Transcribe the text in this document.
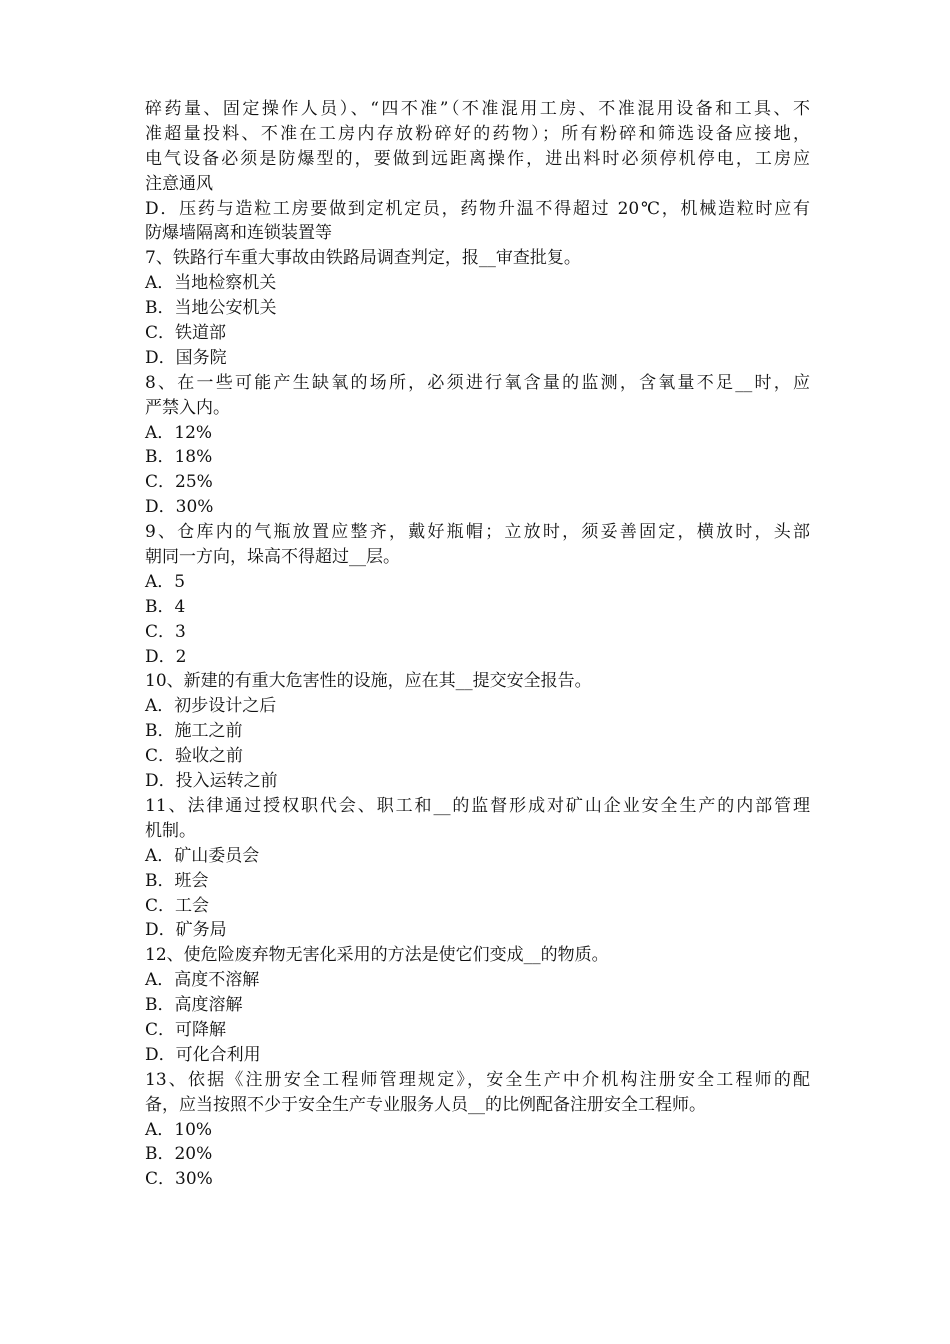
碎药量、固定操作人员）、“四不准”（不准混用工房、不准混用设备和工具、不
准超量投料、不准在工房内存放粉碎好的药物）；所有粉碎和筛选设备应接地，
电气设备必须是防爆型的，要做到远距离操作，进出料时必须停机停电，工房应
注意通风
D．压药与造粒工房要做到定机定员，药物升温不得超过 20℃，机械造粒时应有
防爆墙隔离和连锁装置等
7、铁路行车重大事故由铁路局调查判定，报__审查批复。
A．当地检察机关
B．当地公安机关
C．铁道部
D．国务院
8、在一些可能产生缺氧的场所，必须进行氧含量的监测，含氧量不足__时，应
严禁入内。
A．12%
B．18%
C．25%
D．30%
9、仓库内的气瓶放置应整齐，戴好瓶帽；立放时，须妥善固定，横放时，头部
朝同一方向，垛高不得超过__层。
A．5
B．4
C．3
D．2
10、新建的有重大危害性的设施，应在其__提交安全报告。
A．初步设计之后
B．施工之前
C．验收之前
D．投入运转之前
11、法律通过授权职代会、职工和__的监督形成对矿山企业安全生产的内部管理
机制。
A．矿山委员会
B．班会
C．工会
D．矿务局
12、使危险废弃物无害化采用的方法是使它们变成__的物质。
A．高度不溶解
B．高度溶解
C．可降解
D．可化合利用
13、依据《注册安全工程师管理规定》，安全生产中介机构注册安全工程师的配
备，应当按照不少于安全生产专业服务人员__的比例配备注册安全工程师。
A．10%
B．20%
C．30%
